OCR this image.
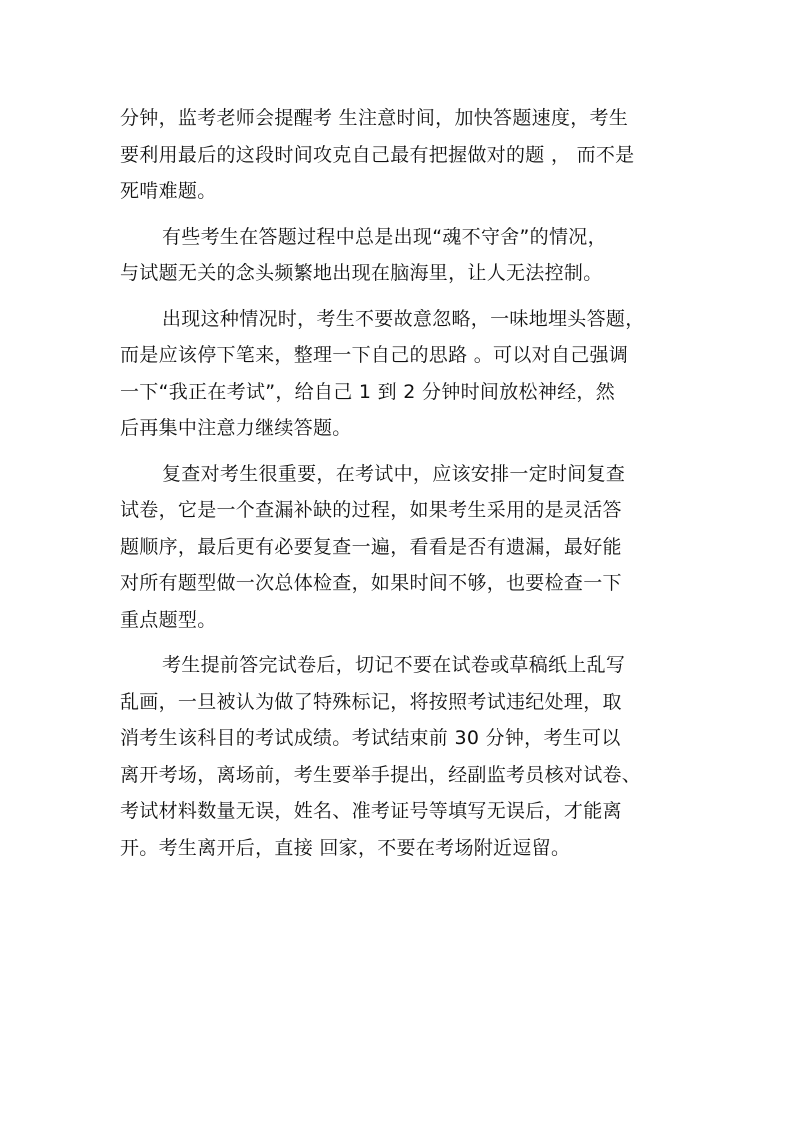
分钟，监考老师会提醒考 生注意时间，加快答题速度，考生
要利用最后的这段时间攻克自己最有把握做对的题 ， 而不是
死啃难题。
有些考生在答题过程中总是出现“魂不守舍”的情况，
与试题无关的念头频繁地出现在脑海里，让人无法控制。
出现这种情况时，考生不要故意忽略，一味地埋头答题，
而是应该停下笔来，整理一下自己的思路 。可以对自己强调
一下“我正在考试”，给自己 1 到 2 分钟时间放松神经，然
后再集中注意力继续答题。
复查对考生很重要，在考试中，应该安排一定时间复查
试卷，它是一个查漏补缺的过程，如果考生采用的是灵活答
题顺序，最后更有必要复查一遍，看看是否有遗漏，最好能
对所有题型做一次总体检查，如果时间不够，也要检查一下
重点题型。
考生提前答完试卷后，切记不要在试卷或草稿纸上乱写
乱画，一旦被认为做了特殊标记，将按照考试违纪处理，取
消考生该科目的考试成绩。考试结束前 30 分钟，考生可以
离开考场，离场前，考生要举手提出，经副监考员核对试卷、
考试材料数量无误，姓名、准考证号等填写无误后，才能离
开。考生离开后，直接 回家，不要在考场附近逗留。
